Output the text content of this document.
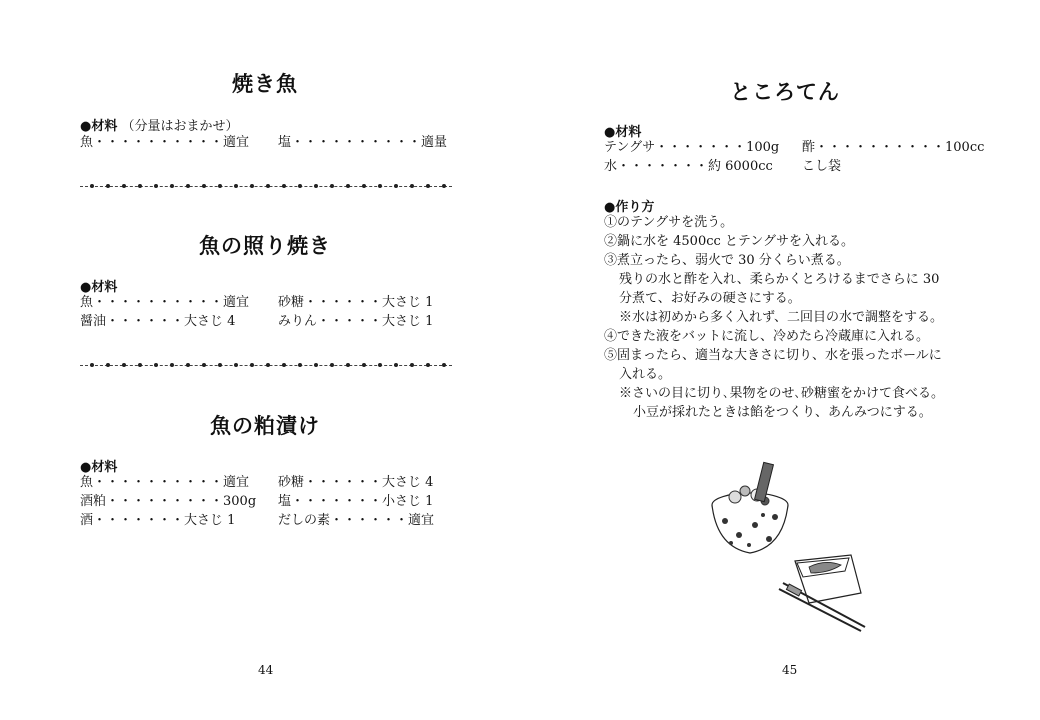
焼き魚
●材料 （分量はおまかせ）
魚・・・・・・・・・・適宜 塩・・・・・・・・・・適量
魚の照り焼き
●材料
魚・・・・・・・・・・適宜 砂糖・・・・・・大さじ 1
醤油・・・・・・大さじ 4	みりん・・・・・大さじ 1
魚の粕漬け
●材料
魚・・・・・・・・・・適宜 砂糖・・・・・・大さじ 4
酒粕・・・・・・・・・300g 塩・・・・・・・小さじ 1
酒・・・・・・・大さじ 1	だしの素・・・・・・適宜
44
ところてん
●材料
テングサ・・・・・・・100g 酢・・・・・・・・・・100cc
水・・・・・・・約 6000cc こし袋
●作り方
①のテングサを洗う。
②鍋に水を 4500cc とテングサを入れる。
③煮立ったら、弱火で 30 分くらい煮る。
残りの水と酢を入れ、柔らかくとろけるまでさらに 30
分煮て、お好みの硬さにする。
※水は初めから多く入れず、二回目の水で調整をする。
④できた液をバットに流し、冷めたら冷蔵庫に入れる。
⑤固まったら、適当な大きさに切り、水を張ったボールに
入れる。
※さいの目に切り､果物をのせ､砂糖蜜をかけて食べる。
小豆が採れたときは餡をつくり、あんみつにする。
45
